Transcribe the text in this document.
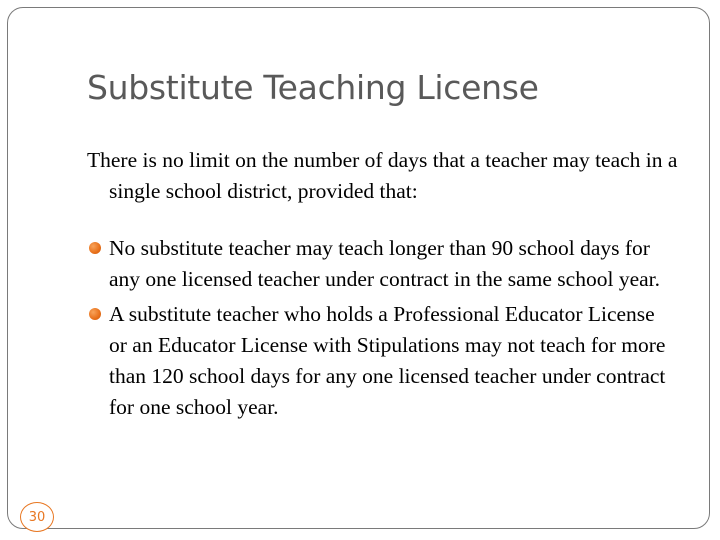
Substitute Teaching License
There is no limit on the number of days that a teacher may teach in a single school district, provided that:
No substitute teacher may teach longer than 90 school days for any one licensed teacher under contract in the same school year.
A substitute teacher who holds a Professional Educator License or an Educator License with Stipulations may not teach for more than 120 school days for any one licensed teacher under contract for one school year.
30
